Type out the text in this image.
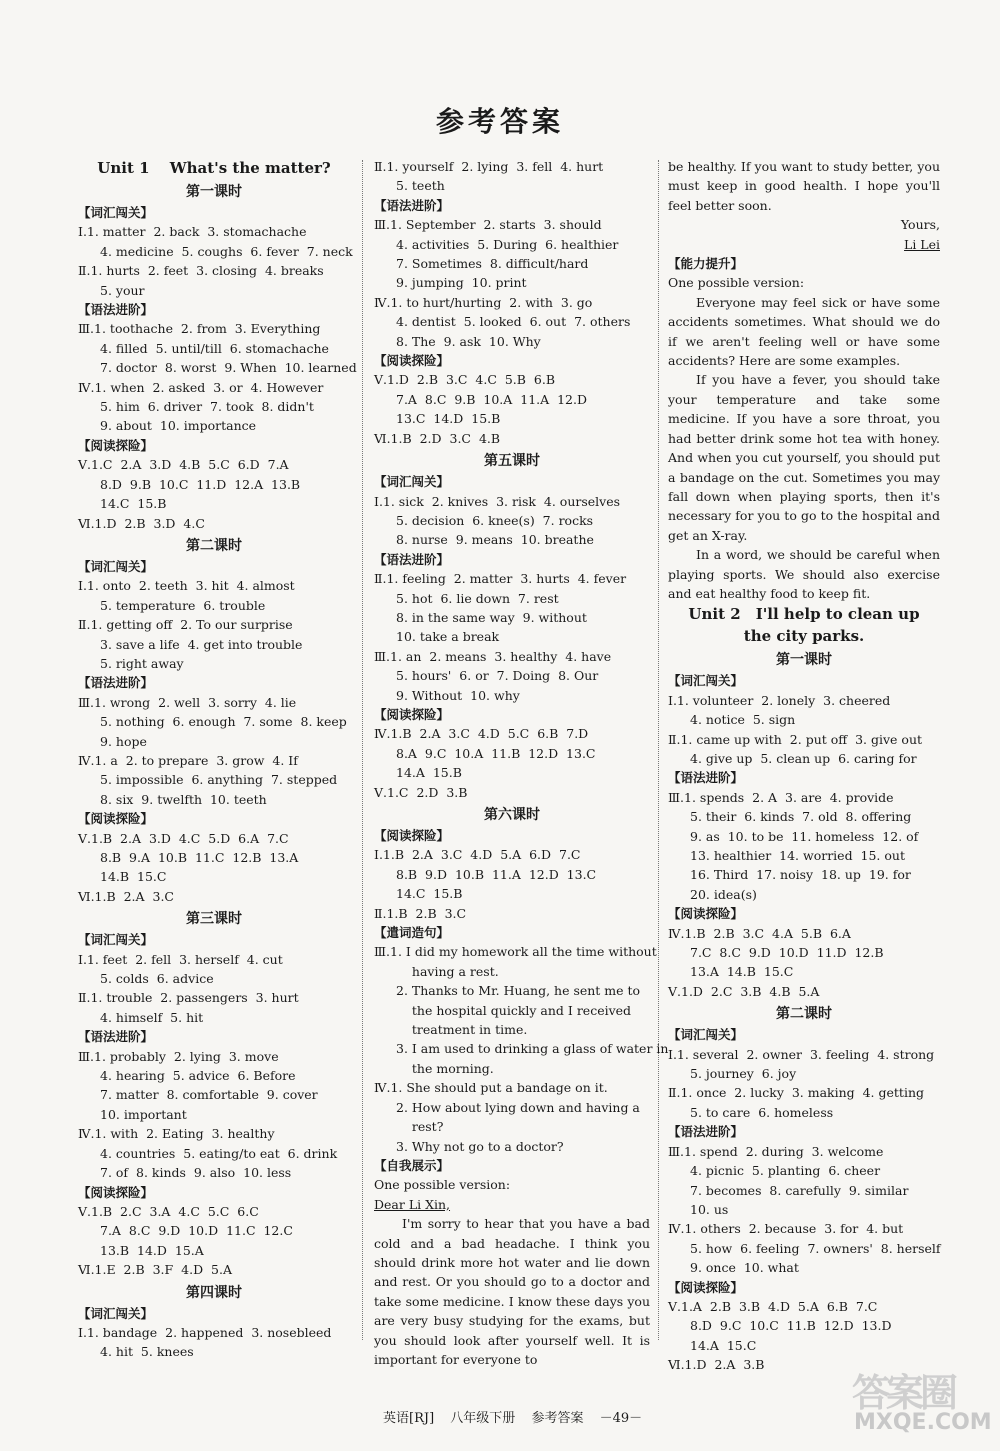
参考答案
Unit 1　 What's the matter?
第一课时
【词汇闯关】
Ⅰ.1. matter  2. back  3. stomachache
4. medicine  5. coughs  6. fever  7. neck
Ⅱ.1. hurts  2. feet  3. closing  4. breaks
5. your
【语法进阶】
Ⅲ.1. toothache  2. from  3. Everything
4. filled  5. until/till  6. stomachache
7. doctor  8. worst  9. When  10. learned
Ⅳ.1. when  2. asked  3. or  4. However
5. him  6. driver  7. took  8. didn't
9. about  10. importance
【阅读探险】
Ⅴ.1.C  2.A  3.D  4.B  5.C  6.D  7.A
8.D  9.B  10.C  11.D  12.A  13.B
14.C  15.B
Ⅵ.1.D  2.B  3.D  4.C
第二课时
【词汇闯关】
Ⅰ.1. onto  2. teeth  3. hit  4. almost
5. temperature  6. trouble
Ⅱ.1. getting off  2. To our surprise
3. save a life  4. get into trouble
5. right away
【语法进阶】
Ⅲ.1. wrong  2. well  3. sorry  4. lie
5. nothing  6. enough  7. some  8. keep
9. hope
Ⅳ.1. a  2. to prepare  3. grow  4. If
5. impossible  6. anything  7. stepped
8. six  9. twelfth  10. teeth
【阅读探险】
Ⅴ.1.B  2.A  3.D  4.C  5.D  6.A  7.C
8.B  9.A  10.B  11.C  12.B  13.A
14.B  15.C
Ⅵ.1.B  2.A  3.C
第三课时
【词汇闯关】
Ⅰ.1. feet  2. fell  3. herself  4. cut
5. colds  6. advice
Ⅱ.1. trouble  2. passengers  3. hurt
4. himself  5. hit
【语法进阶】
Ⅲ.1. probably  2. lying  3. move
4. hearing  5. advice  6. Before
7. matter  8. comfortable  9. cover
10. important
Ⅳ.1. with  2. Eating  3. healthy
4. countries  5. eating/to eat  6. drink
7. of  8. kinds  9. also  10. less
【阅读探险】
Ⅴ.1.B  2.C  3.A  4.C  5.C  6.C
7.A  8.C  9.D  10.D  11.C  12.C
13.B  14.D  15.A
Ⅵ.1.E  2.B  3.F  4.D  5.A
第四课时
【词汇闯关】
Ⅰ.1. bandage  2. happened  3. nosebleed
4. hit  5. knees
Ⅱ.1. yourself  2. lying  3. fell  4. hurt
5. teeth
【语法进阶】
Ⅲ.1. September  2. starts  3. should
4. activities  5. During  6. healthier
7. Sometimes  8. difficult/hard
9. jumping  10. print
Ⅳ.1. to hurt/hurting  2. with  3. go
4. dentist  5. looked  6. out  7. others
8. The  9. ask  10. Why
【阅读探险】
Ⅴ.1.D  2.B  3.C  4.C  5.B  6.B
7.A  8.C  9.B  10.A  11.A  12.D
13.C  14.D  15.B
Ⅵ.1.B  2.D  3.C  4.B
第五课时
【词汇闯关】
Ⅰ.1. sick  2. knives  3. risk  4. ourselves
5. decision  6. knee(s)  7. rocks
8. nurse  9. means  10. breathe
【语法进阶】
Ⅱ.1. feeling  2. matter  3. hurts  4. fever
5. hot  6. lie down  7. rest
8. in the same way  9. without
10. take a break
Ⅲ.1. an  2. means  3. healthy  4. have
5. hours'  6. or  7. Doing  8. Our
9. Without  10. why
【阅读探险】
Ⅳ.1.B  2.A  3.C  4.D  5.C  6.B  7.D
8.A  9.C  10.A  11.B  12.D  13.C
14.A  15.B
Ⅴ.1.C  2.D  3.B
第六课时
【阅读探险】
Ⅰ.1.B  2.A  3.C  4.D  5.A  6.D  7.C
8.B  9.D  10.B  11.A  12.D  13.C
14.C  15.B
Ⅱ.1.B  2.B  3.C
【遣词造句】
Ⅲ.1. I did my homework all the time without
having a rest.
2. Thanks to Mr. Huang, he sent me to
the hospital quickly and I received
treatment in time.
3. I am used to drinking a glass of water in
the morning.
Ⅳ.1. She should put a bandage on it.
2. How about lying down and having a
rest?
3. Why not go to a doctor?
【自我展示】
One possible version:
Dear Li Xin,
I'm sorry to hear that you have a bad cold and a bad headache. I think you should drink more hot water and lie down and rest. Or you should go to a doctor and take some medicine. I know these days you are very busy studying for the exams, but you should look after yourself well. It is important for everyone to
be healthy. If you want to study better, you must keep in good health. I hope you'll feel better soon.
Yours,
Li Lei
【能力提升】
One possible version:
Everyone may feel sick or have some accidents sometimes. What should we do if we aren't feeling well or have some accidents? Here are some examples.
If you have a fever, you should take your temperature and take some medicine. If you have a sore throat, you had better drink some hot tea with honey. And when you cut yourself, you should put a bandage on the cut. Sometimes you may fall down when playing sports, then it's necessary for you to go to the hospital and get an X-ray.
In a word, we should be careful when playing sports. We should also exercise and eat healthy food to keep fit.
Unit 2　I'll help to clean up
the city parks.
第一课时
【词汇闯关】
Ⅰ.1. volunteer  2. lonely  3. cheered
4. notice  5. sign
Ⅱ.1. came up with  2. put off  3. give out
4. give up  5. clean up  6. caring for
【语法进阶】
Ⅲ.1. spends  2. A  3. are  4. provide
5. their  6. kinds  7. old  8. offering
9. as  10. to be  11. homeless  12. of
13. healthier  14. worried  15. out
16. Third  17. noisy  18. up  19. for
20. idea(s)
【阅读探险】
Ⅳ.1.B  2.B  3.C  4.A  5.B  6.A
7.C  8.C  9.D  10.D  11.D  12.B
13.A  14.B  15.C
Ⅴ.1.D  2.C  3.B  4.B  5.A
第二课时
【词汇闯关】
Ⅰ.1. several  2. owner  3. feeling  4. strong
5. journey  6. joy
Ⅱ.1. once  2. lucky  3. making  4. getting
5. to care  6. homeless
【语法进阶】
Ⅲ.1. spend  2. during  3. welcome
4. picnic  5. planting  6. cheer
7. becomes  8. carefully  9. similar
10. us
Ⅳ.1. others  2. because  3. for  4. but
5. how  6. feeling  7. owners'  8. herself
9. once  10. what
【阅读探险】
Ⅴ.1.A  2.B  3.B  4.D  5.A  6.B  7.C
8.D  9.C  10.C  11.B  12.D  13.D
14.A  15.C
Ⅵ.1.D  2.A  3.B
英语[RJ] 八年级下册 参考答案 －49－
答案圈
MXQE.COM
